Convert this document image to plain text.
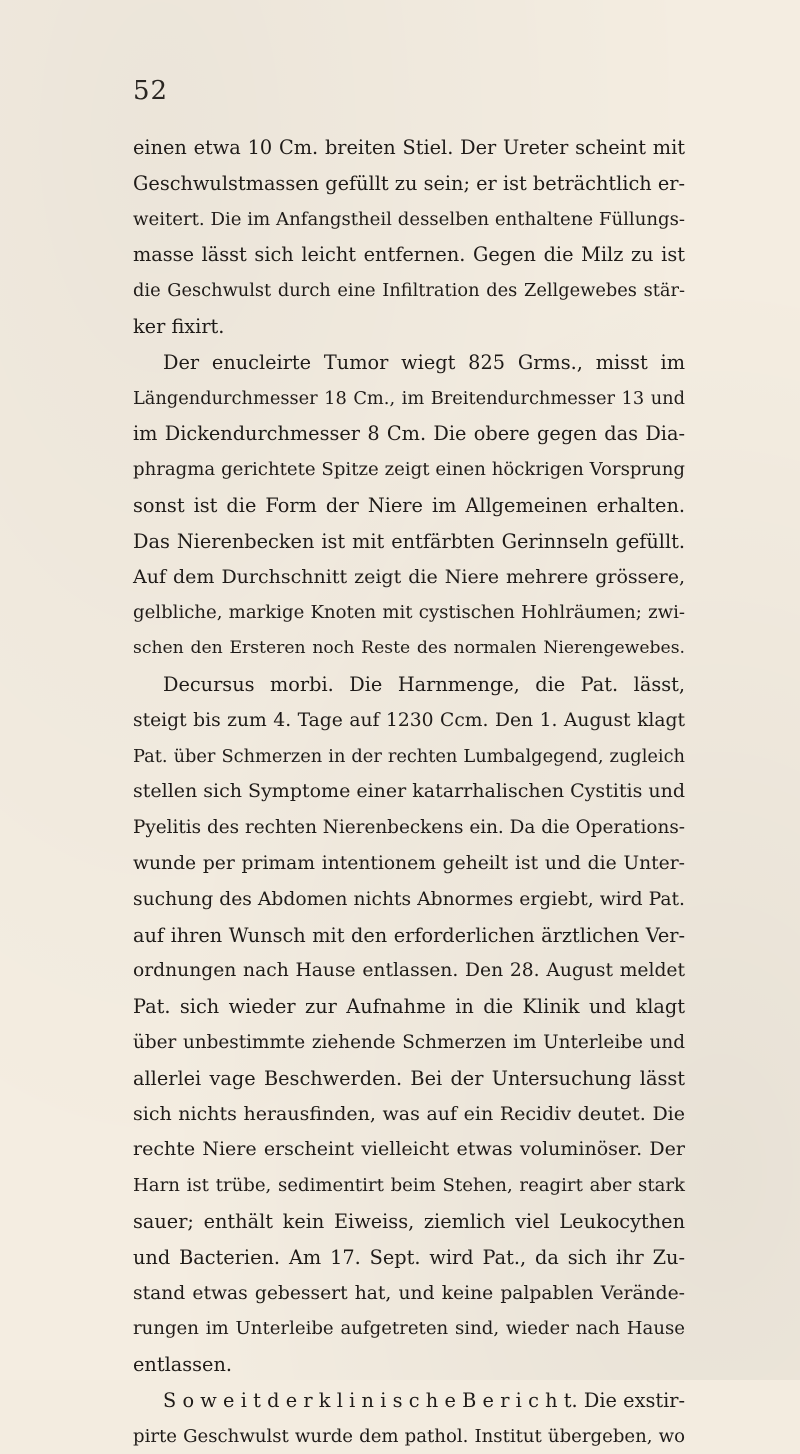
52
einen etwa 10 Cm. breiten Stiel. Der Ureter scheint mit
Geschwulstmassen gefüllt zu sein; er ist beträchtlich er-
weitert. Die im Anfangstheil desselben enthaltene Füllungs-
masse lässt sich leicht entfernen. Gegen die Milz zu ist
die Geschwulst durch eine Infiltration des Zellgewebes stär-
ker fixirt.
Der enucleirte Tumor wiegt 825 Grms., misst im
Längendurchmesser 18 Cm., im Breitendurchmesser 13 und
im Dickendurchmesser 8 Cm. Die obere gegen das Dia-
phragma gerichtete Spitze zeigt einen höckrigen Vorsprung
sonst ist die Form der Niere im Allgemeinen erhalten.
Das Nierenbecken ist mit entfärbten Gerinnseln gefüllt.
Auf dem Durchschnitt zeigt die Niere mehrere grössere,
gelbliche, markige Knoten mit cystischen Hohlräumen; zwi-
schen den Ersteren noch Reste des normalen Nierengewebes.
Decursus morbi. Die Harnmenge, die Pat. lässt,
steigt bis zum 4. Tage auf 1230 Ccm. Den 1. August klagt
Pat. über Schmerzen in der rechten Lumbalgegend, zugleich
stellen sich Symptome einer katarrhalischen Cystitis und
Pyelitis des rechten Nierenbeckens ein. Da die Operations-
wunde per primam intentionem geheilt ist und die Unter-
suchung des Abdomen nichts Abnormes ergiebt, wird Pat.
auf ihren Wunsch mit den erforderlichen ärztlichen Ver-
ordnungen nach Hause entlassen. Den 28. August meldet
Pat. sich wieder zur Aufnahme in die Klinik und klagt
über unbestimmte ziehende Schmerzen im Unterleibe und
allerlei vage Beschwerden. Bei der Untersuchung lässt
sich nichts herausfinden, was auf ein Recidiv deutet. Die
rechte Niere erscheint vielleicht etwas voluminöser. Der
Harn ist trübe, sedimentirt beim Stehen, reagirt aber stark
sauer; enthält kein Eiweiss, ziemlich viel Leukocythen
und Bacterien. Am 17. Sept. wird Pat., da sich ihr Zu-
stand etwas gebessert hat, und keine palpablen Verände-
rungen im Unterleibe aufgetreten sind, wieder nach Hause
entlassen.
S o w e i t d e r k l i n i s c h e B e r i c h t. Die exstir-
pirte Geschwulst wurde dem pathol. Institut übergeben, wo
